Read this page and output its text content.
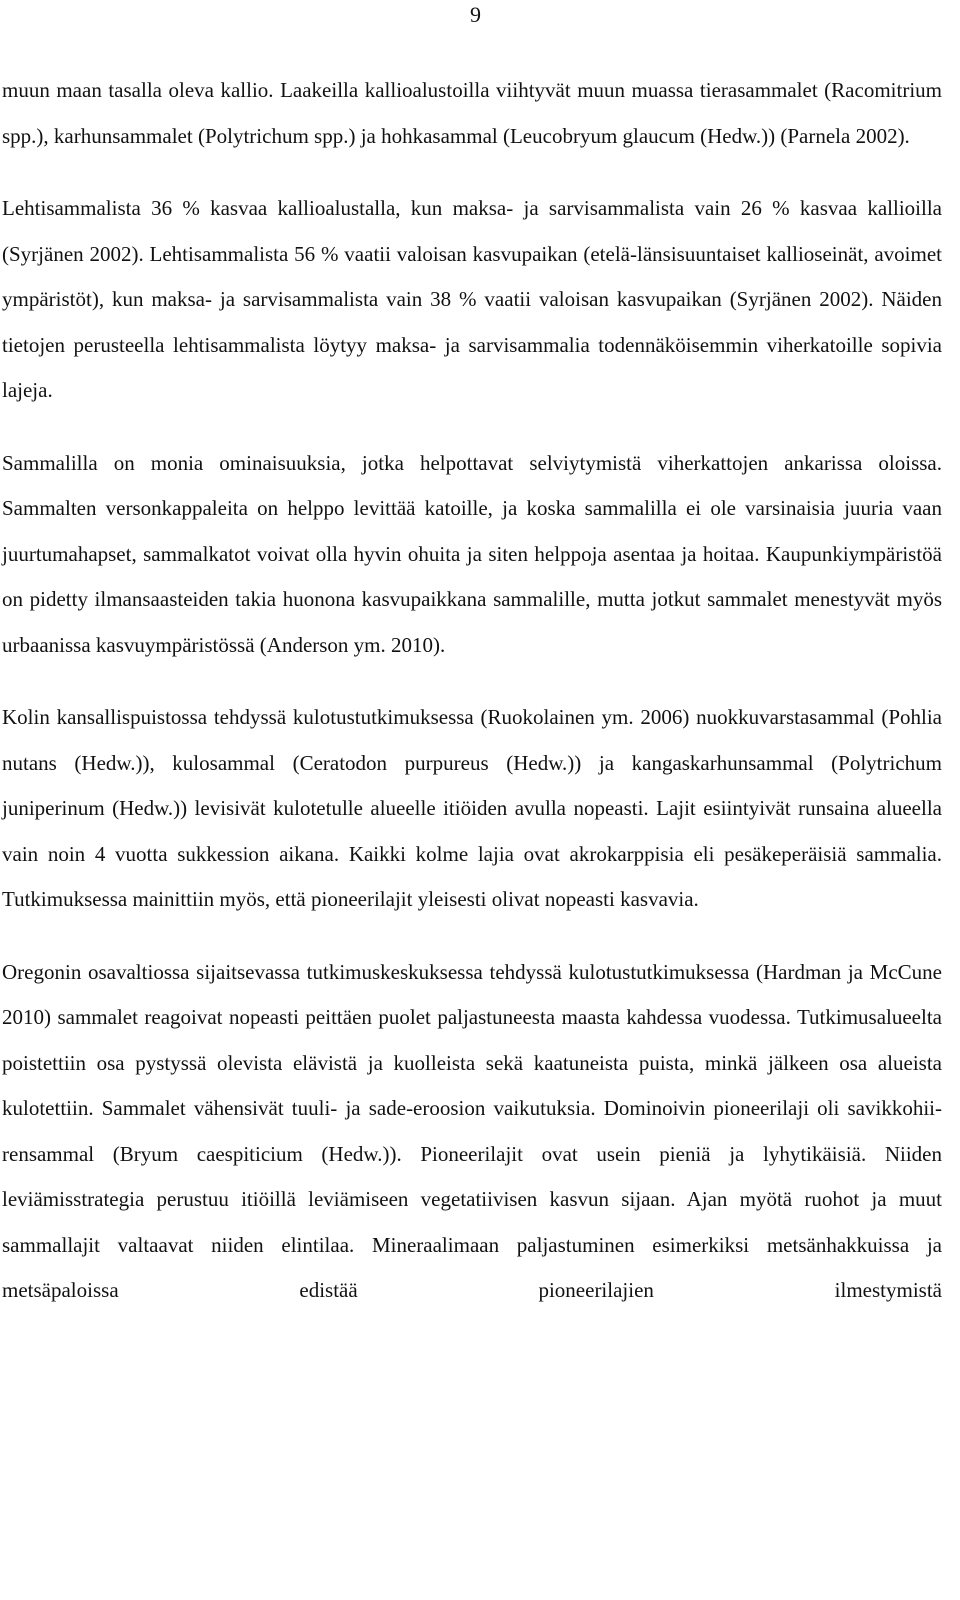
9

muun maan tasalla oleva kallio. Laakeilla kallioalustoilla viihtyvät muun muassa tierasammalet (Racomitrium spp.), karhunsammalet (Polytrichum spp.) ja hohkasammal (Leucobryum glaucum (Hedw.)) (Parnela 2002).

Lehtisammalista 36 % kasvaa kallioalustalla, kun maksa- ja sarvisammalista vain 26 % kasvaa kallioilla (Syrjänen 2002). Lehtisammalista 56 % vaatii valoisan kasvupaikan (etelä-länsisuuntaiset kallioseinät, avoimet ympäristöt), kun maksa- ja sarvisammalista vain 38 % vaatii valoisan kasvupaikan (Syrjänen 2002). Näiden tietojen perusteella lehtisammalista löytyy maksa- ja sarvisammalia todennäköisemmin viherkatoille sopivia lajeja.

Sammalilla on monia ominaisuuksia, jotka helpottavat selviytymistä viherkattojen ankarissa oloissa. Sammalten versonkappaleita on helppo levittää katoille, ja koska sammalilla ei ole varsinaisia juuria vaan juurtumahapset, sammalkatot voivat olla hyvin ohuita ja siten helppoja asentaa ja hoitaa. Kaupunkiympäristöä on pidetty ilmansaasteiden takia huonona kasvupaikkana sammalille, mutta jotkut sammalet menestyvät myös urbaanissa kasvuympäristössä (Anderson ym. 2010).

Kolin kansallispuistossa tehdyssä kulotustutkimuksessa (Ruokolainen ym. 2006) nuokkuvarstasammal (Pohlia nutans (Hedw.)), kulosammal (Ceratodon purpureus (Hedw.)) ja kangaskarhunsammal (Polytrichum juniperinum (Hedw.)) levisivät kulotetulle alueelle itiöiden avulla nopeasti. Lajit esiintyivät runsaina alueella vain noin 4 vuotta sukkession aikana. Kaikki kolme lajia ovat akrokarppisia eli pesäkeperäisiä sammalia. Tutkimuksessa mainittiin myös, että pioneerilajit yleisesti olivat nopeasti kasvavia.

Oregonin osavaltiossa sijaitsevassa tutkimuskeskuksessa tehdyssä kulotustutkimuksessa (Hardman ja McCune 2010) sammalet reagoivat nopeasti peittäen puolet paljastuneesta maasta kahdessa vuodessa. Tutkimusalueelta poistettiin osa pystyssä olevista elävistä ja kuolleista sekä kaatuneista puista, minkä jälkeen osa alueista kulotettiin. Sammalet vähensivät tuuli- ja sade-eroosion vaikutuksia. Dominoivin pioneerilaji oli savikkohiirensammal (Bryum caespiticium (Hedw.)). Pioneerilajit ovat usein pieniä ja lyhytikäisiä. Niiden leviämisstrategia perustuu itiöillä leviämiseen vegetatiivisen kasvun sijaan. Ajan myötä ruohot ja muut sammallajit valtaavat niiden elintilaa. Mineraalimaan paljastuminen esimerkiksi metsänhakkuissa ja metsäpaloissa edistää pioneerilajien ilmestymistä
